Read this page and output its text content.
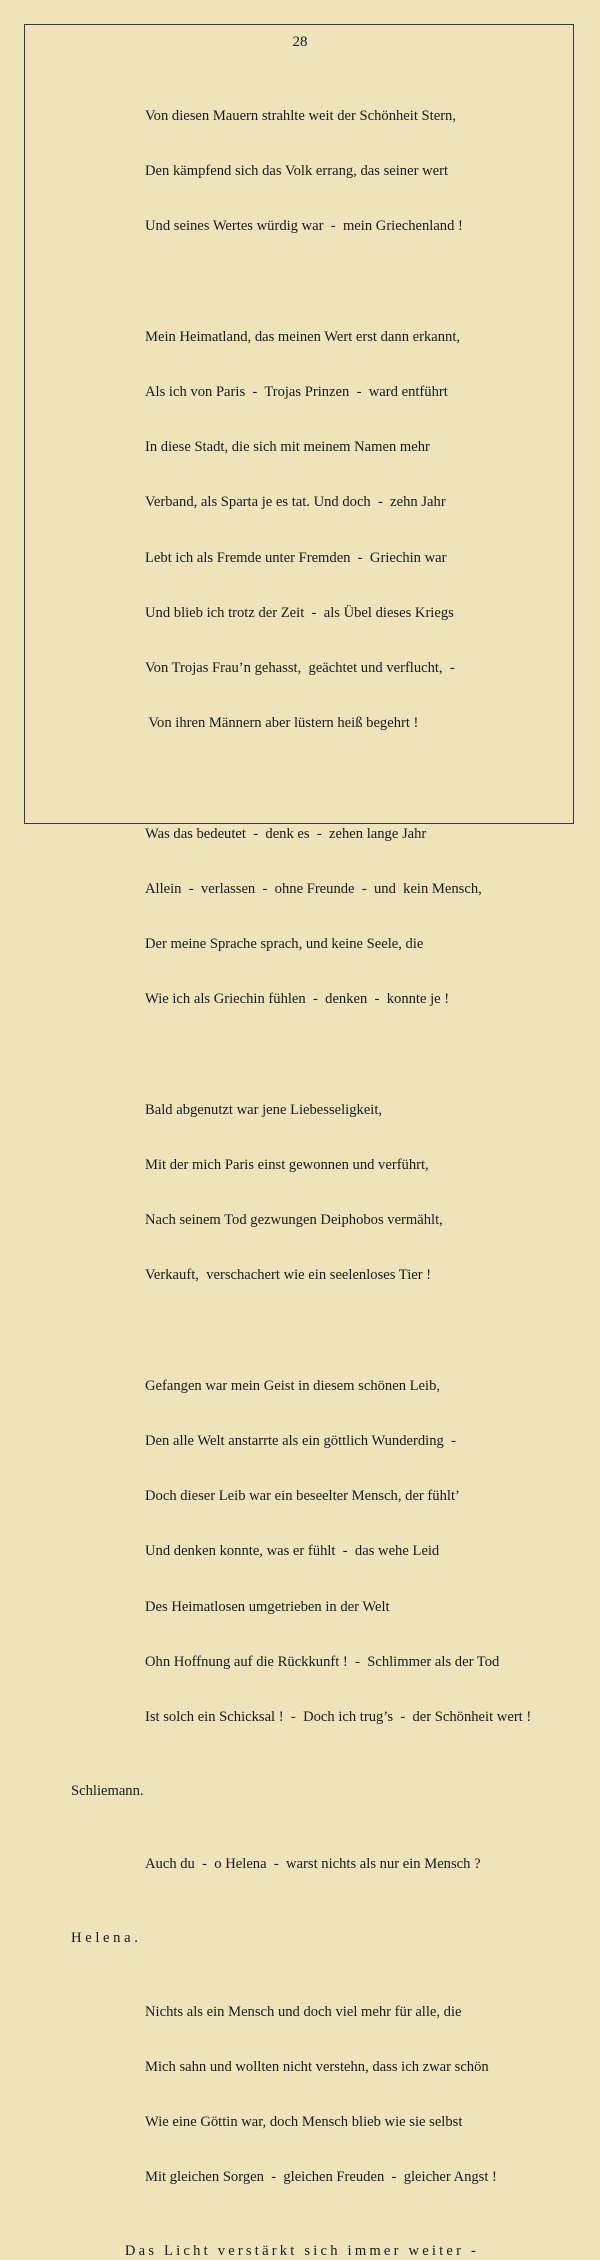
28

Von diesen Mauern strahlte weit der Schönheit Stern,

Den kämpfend sich das Volk errang, das seiner wert

Und seines Wertes würdig war  -  mein Griechenland !

Mein Heimatland, das meinen Wert erst dann erkannt,

Als ich von Paris  -  Trojas Prinzen  -  ward entführt

In diese Stadt, die sich mit meinem Namen mehr

Verband, als Sparta je es tat. Und doch  -  zehn Jahr

Lebt ich als Fremde unter Fremden  -  Griechin war

Und blieb ich trotz der Zeit  -  als Übel dieses Kriegs

Von Trojas Frau’n gehasst,  geächtet und verflucht,  -

Von ihren Männern aber lüstern heiß begehrt !

Was das bedeutet  -  denk es  -  zehen lange Jahr

Allein  -  verlassen  -  ohne Freunde  -  und  kein Mensch,

Der meine Sprache sprach, und keine Seele, die

Wie ich als Griechin fühlen  -  denken  -  konnte je !

Bald abgenutzt war jene Liebesseligkeit,

Mit der mich Paris einst gewonnen und verführt,

Nach seinem Tod gezwungen Deiphobos vermählt,

Verkauft,  verschachert wie ein seelenloses Tier !

Gefangen war mein Geist in diesem schönen Leib,

Den alle Welt anstarrte als ein göttlich Wunderding  -

Doch dieser Leib war ein beseelter Mensch, der fühlt’

Und denken konnte, was er fühlt  -  das wehe Leid

Des Heimatlosen umgetrieben in der Welt

Ohn Hoffnung auf die Rückkunft !  -  Schlimmer als der Tod

Ist solch ein Schicksal !  -  Doch ich trug’s  -  der Schönheit wert !

Schliemann.

Auch du  -  o Helena  -  warst nichts als nur ein Mensch ?

H e l e n a .

Nichts als ein Mensch und doch viel mehr für alle, die

Mich sahn und wollten nicht verstehn, dass ich zwar schön

Wie eine Göttin war, doch Mensch blieb wie sie selbst

Mit gleichen Sorgen  -  gleichen Freuden  -  gleicher Angst !

Das Licht verstärkt sich immer weiter -
